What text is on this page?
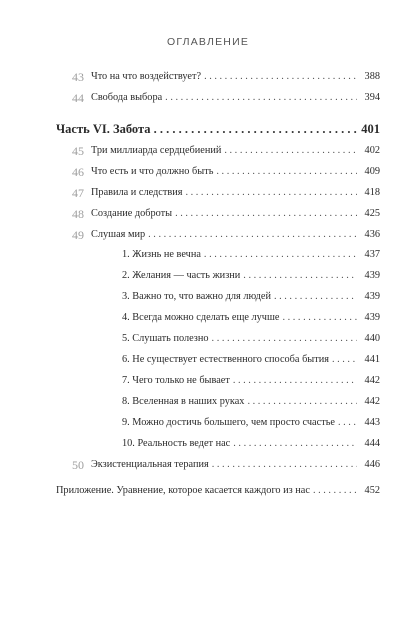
ОГЛАВЛЕНИЕ
43 Что на что воздействует? . . .	388
44 Свобода выбора . . .	394
Часть VI. Забота . . .	401
45 Три миллиарда сердцебиений . . .	402
46 Что есть и что должно быть . . .	409
47 Правила и следствия . . .	418
48 Создание доброты . . .	425
49 Слушая мир . . .	436
1. Жизнь не вечна . . .	437
2. Желания — часть жизни . . .	439
3. Важно то, что важно для людей . . .	439
4. Всегда можно сделать еще лучше . . .	439
5. Слушать полезно . . .	440
6. Не существует естественного способа бытия . . .	441
7. Чего только не бывает . . .	442
8. Вселенная в наших руках . . .	442
9. Можно достичь большего, чем просто счастье . . .	443
10. Реальность ведет нас . . .	444
50 Экзистенциальная терапия . . .	446
Приложение. Уравнение, которое касается каждого из нас . . .	452
